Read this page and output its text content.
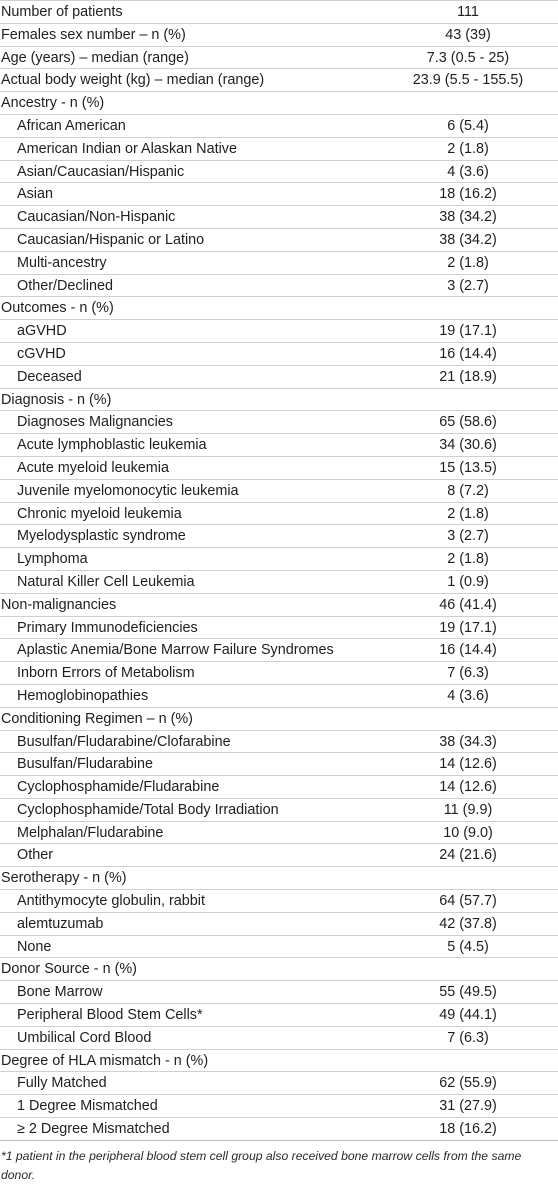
Number of patients	111
Females sex number – n (%)	43 (39)
Age (years) – median (range)	7.3 (0.5 - 25)
Actual body weight (kg) – median (range)	23.9 (5.5 - 155.5)
Ancestry - n (%)	
African American	6 (5.4)
American Indian or Alaskan Native	2 (1.8)
Asian/Caucasian/Hispanic	4 (3.6)
Asian	18 (16.2)
Caucasian/Non-Hispanic	38 (34.2)
Caucasian/Hispanic or Latino	38 (34.2)
Multi-ancestry	2 (1.8)
Other/Declined	3 (2.7)
Outcomes - n (%)	
aGVHD	19 (17.1)
cGVHD	16 (14.4)
Deceased	21 (18.9)
Diagnosis - n (%)	
Diagnoses Malignancies	65 (58.6)
Acute lymphoblastic leukemia	34 (30.6)
Acute myeloid leukemia	15 (13.5)
Juvenile myelomonocytic leukemia	8 (7.2)
Chronic myeloid leukemia	2 (1.8)
Myelodysplastic syndrome	3 (2.7)
Lymphoma	2 (1.8)
Natural Killer Cell Leukemia	1 (0.9)
Non-malignancies	46 (41.4)
Primary Immunodeficiencies	19 (17.1)
Aplastic Anemia/Bone Marrow Failure Syndromes	16 (14.4)
Inborn Errors of Metabolism	7 (6.3)
Hemoglobinopathies	4 (3.6)
Conditioning Regimen – n (%)	
Busulfan/Fludarabine/Clofarabine	38 (34.3)
Busulfan/Fludarabine	14 (12.6)
Cyclophosphamide/Fludarabine	14 (12.6)
Cyclophosphamide/Total Body Irradiation	11 (9.9)
Melphalan/Fludarabine	10 (9.0)
Other	24 (21.6)
Serotherapy - n (%)	
Antithymocyte globulin, rabbit	64 (57.7)
alemtuzumab	42 (37.8)
None	5 (4.5)
Donor Source - n (%)	
Bone Marrow	55 (49.5)
Peripheral Blood Stem Cells*	49 (44.1)
Umbilical Cord Blood	7 (6.3)
Degree of HLA mismatch - n (%)	
Fully Matched	62 (55.9)
1 Degree Mismatched	31 (27.9)
≥ 2 Degree Mismatched	18 (16.2)
*1 patient in the peripheral blood stem cell group also received bone marrow cells from the same donor.
